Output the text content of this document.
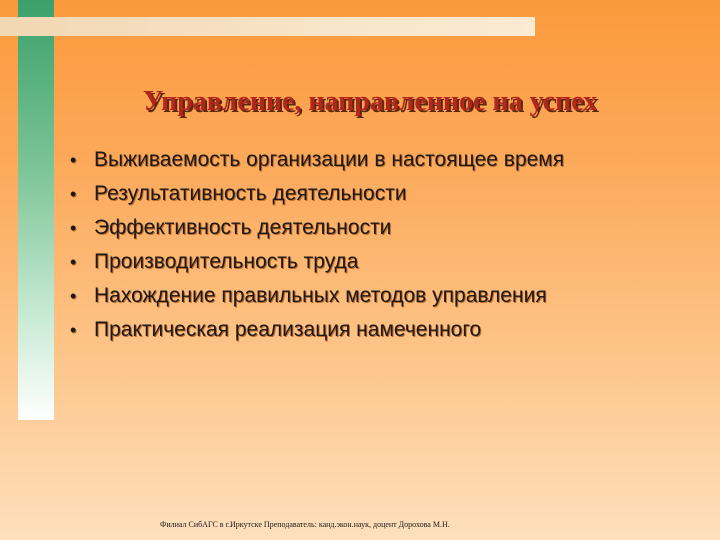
Управление, направленное на успех
• Выживаемость организации в настоящее время
• Результативность деятельности
• Эффективность деятельности
• Производительность труда
• Нахождение правильных методов управления
• Практическая реализация намеченного
Филиал СибАГС в г.Иркутске Преподаватель: канд.экон.наук, доцент Дорохова М.Н.
